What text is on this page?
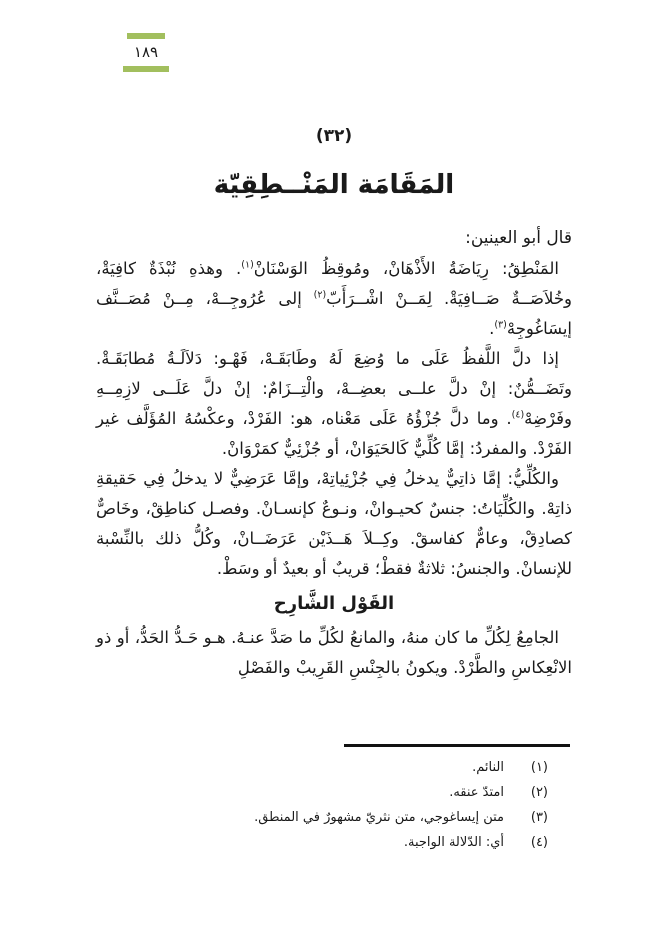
١٨٩
(٣٢)
المَقَامَة المَنْــطِقِيّة
قال أبو العينين:

المَنْطِقُ: رِيَاضَةُ الأَذْهَانْ، ومُوقِظُ الوَسْنَانْ$^{(١)}$. وهذهِ نُبْذَةٌ كافِيَةْ، وخُلاَصَــةٌ صَــافِيَةْ. لِمَــنْ اشْــرَأَبّ$^{(٢)}$ إلى عُرُوجِــهْ، مِــنْ مُصَــنَّف إيسَاغُوجِهْ$^{(٣)}$.

إذا دلَّ اللَّفظُ عَلَى ما وُضِعَ لَهُ وطَابَقَـهْ، فَهْـو: دَلاَلَـةُ مُطابَقَـةْ. وتَضَــمُّنٌ: إنْ دلَّ علــى بعضِــهْ، والْتِــزَامٌ: إنْ دلَّ عَلَــى لازِمِــهِ وفَرْضِهْ$^{(٤)}$. وما دلَّ جُزْؤُهُ عَلَى مَعْناه، هو: الفَرْدْ، وعكْسُهُ المُؤَلَّف غير الفَرْدْ. والمفردُ: إمَّا كُلِّيٌّ كَالحَيَوَانْ، أو جُزْئِيٌّ كمَرْوَانْ.

والكُلِّيُّ: إمَّا ذاتِيٌّ يدخلُ فِي جُزْئِياتِهْ، وإمَّا عَرَضِيٌّ لا يدخلُ فِي حَقيقةِ ذاتِهْ. والكُلِّيَاتُ: جنسٌ كحيـوانْ، ونـوعٌ كإنسـانْ. وفصـل كناطِقْ، وخَاصٌّ كصادِقْ، وعامٌّ كفاسقْ. وكِــلاَ هَــذَيْن عَرَضَــانْ، وكُلُّ ذلك بالنِّسْبة للإنسانْ. والجنسُ: ثلاثةٌ فقطْ؛ قريبٌ أو بعيدٌ أو وسَطْ.

القَوْل الشَّارِح

الجامِعُ لِكُلِّ ما كان منهُ، والمانعُ لكُلِّ ما صَدَّ عنـهُ. هـو حَـدُّ الحَدُّ، أو ذو الانْعِكاسِ والطَّرْدْ. ويكونُ بالجِنْسِ القَرِيبْ والفَصْلِ

(١)
النائم.
(٢)
امتدّ عنقه.
(٣)
متن إيساغوجي، متن نثريّ مشهورٌ في المنطق.
(٤)
أي: الدّلالة الواجبة.
